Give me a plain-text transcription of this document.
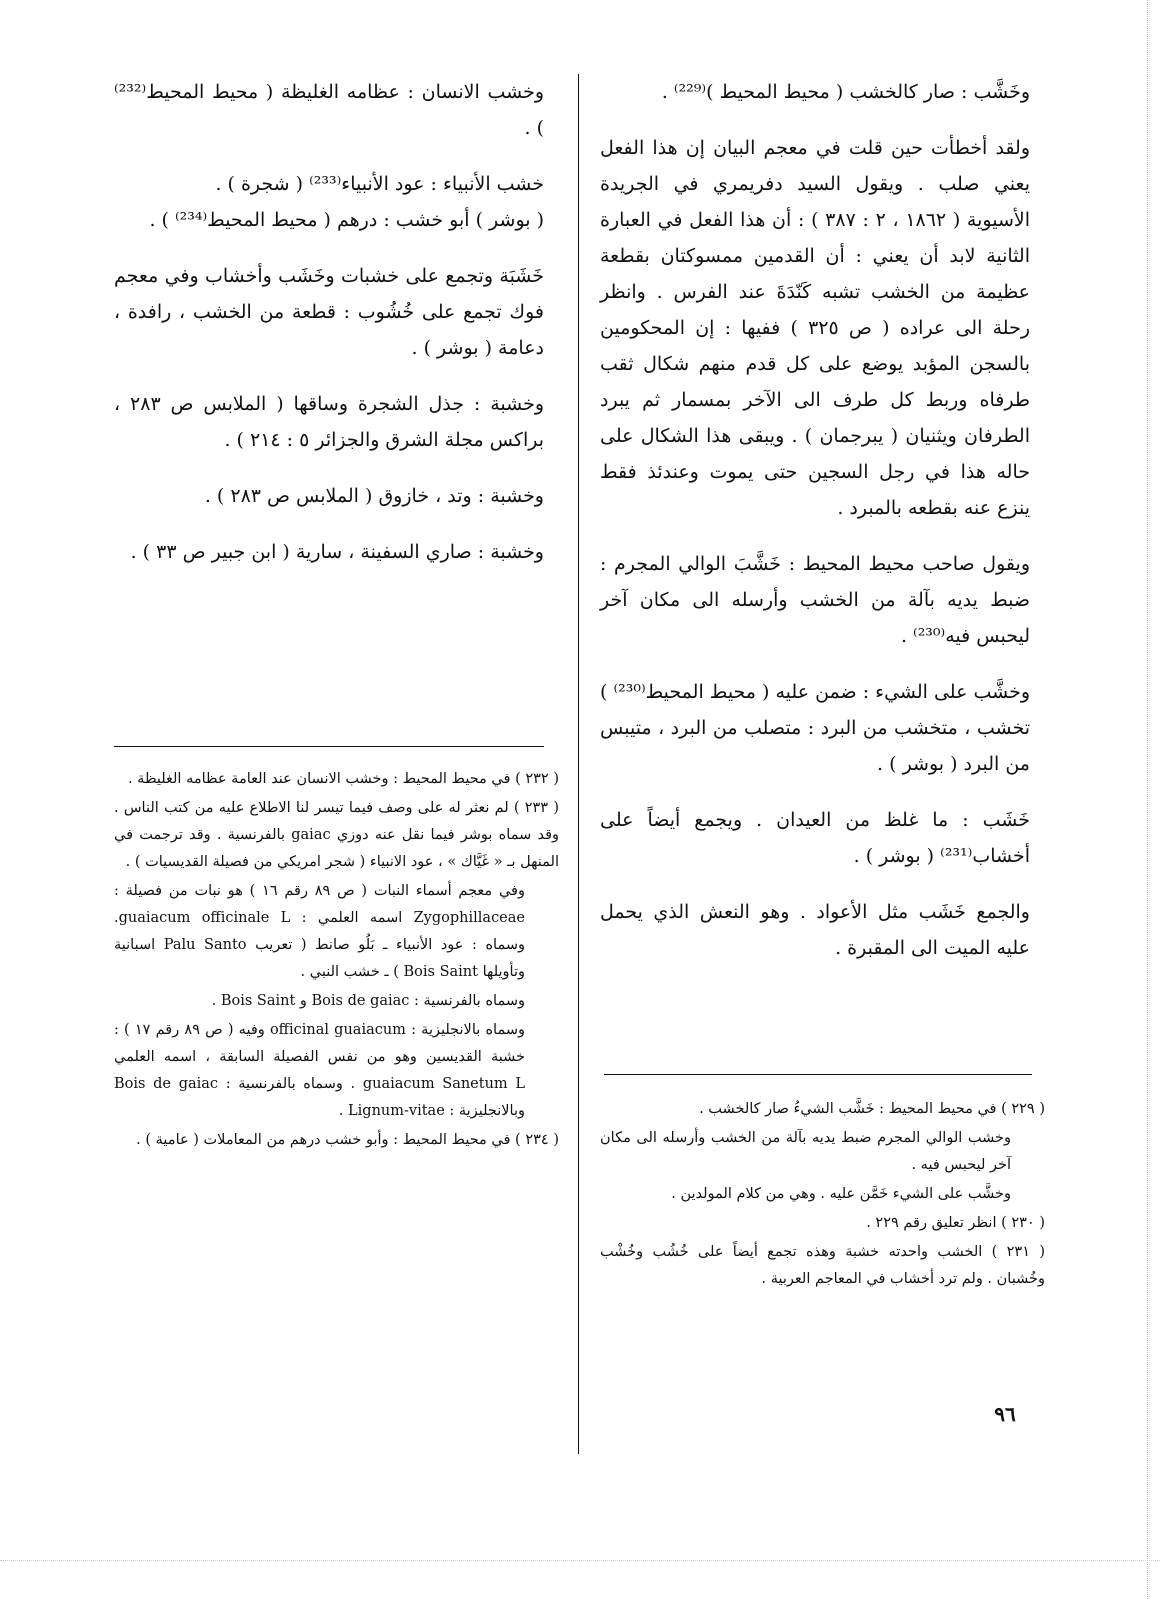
وخَشَّب : صار كالخشب ( محيط المحيط )⁽²²⁹⁾ .

ولقد أخطأت حين قلت في معجم البيان إن هذا الفعل يعني صلب . ويقول السيد دفريمري في الجريدة الأسيوية ( ١٨٦٢ ، ٢ : ٣٨٧ ) : أن هذا الفعل في العبارة الثانية لابد أن يعني : أن القدمين ممسوكتان بقطعة عظيمة من الخشب تشبه كَنّدَةَ عند الفرس . وانظر رحلة الى عراده ( ص ٣٢٥ ) ففيها : إن المحكومين بالسجن المؤبد يوضع على كل قدم منهم شكال ثقب طرفاه وربط كل طرف الى الآخر بمسمار ثم يبرد الطرفان ويثنيان ( يبرجمان ) . ويبقى هذا الشكال على حاله هذا في رجل السجين حتى يموت وعندئذ فقط ينزع عنه بقطعه بالمبرد .

ويقول صاحب محيط المحيط : خَشَّبَ الوالي المجرم : ضبط يديه بآلة من الخشب وأرسله الى مكان آخر ليحبس فيه⁽²³⁰⁾ .

وخشَّب على الشيء : ضمن عليه ( محيط المحيط⁽²³⁰⁾ ) تخشب ، متخشب من البرد : متصلب من البرد ، متيبس من البرد ( بوشر ) .

خَشَب : ما غلظ من العيدان . ويجمع أيضاً على أخشاب⁽²³¹⁾ ( بوشر ) .

والجمع خَشَب مثل الأعواد . وهو النعش الذي يحمل عليه الميت الى المقبرة .

وخشب الانسان : عظامه الغليظة ( محيط المحيط⁽²³²⁾ ) .

خشب الأنبياء : عود الأنبياء⁽²³³⁾ ( شجرة ) .

( بوشر ) أبو خشب : درهم ( محيط المحيط⁽²³⁴⁾ ) .

خَشَبَة وتجمع على خشبات وخَشَب وأخشاب وفي معجم فوك تجمع على خُشُوب : قطعة من الخشب ، رافدة ، دعامة ( بوشر ) .

وخشبة : جذل الشجرة وساقها ( الملابس ص ٢٨٣ ، براكس مجلة الشرق والجزائر ٥ : ٢١٤ ) .

وخشبة : وتد ، خازوق ( الملابس ص ٢٨٣ ) .

وخشبة : صاري السفينة ، سارية ( ابن جبير ص ٣٣ ) .

( ٢٢٩ ) في محيط المحيط : خَشَّب الشيءُ صار كالخشب .

وخشب الوالي المجرم ضبط يديه بآلة من الخشب وأرسله الى مكان آخر ليحبس فيه .

وخشَّب على الشيء خَمَّن عليه . وهي من كلام المولدين .

( ٢٣٠ ) انظر تعليق رقم ٢٢٩ .

( ٢٣١ ) الخشب واحدته خشبة وهذه تجمع أيضاً على خُشُب وخُشْب وخُشبان . ولم ترد أخشاب في المعاجم العربية .

( ٢٣٢ ) في محيط المحيط : وخشب الانسان عند العامة عظامه الغليظة .

( ٢٣٣ ) لم نعثر له على وصف فيما تيسر لنا الاطلاع عليه من كتب الناس . وقد سماه بوشر فيما نقل عنه دوزي gaiac بالفرنسية . وقد ترجمت في المنهل بـ « غَيَّاك » ، عود الانبياء ( شجر امريكي من فصيلة القديسيات ) .

وفي معجم أسماء النبات ( ص ٨٩ رقم ١٦ ) هو نبات من فصيلة : Zygophillaceae اسمه العلمي : guaiacum officinale L. وسماه : عود الأنبياء ـ بَلُو صانط ( تعريب Palu Santo اسبانية وتأويلها Bois Saint ) ـ خشب النبي .

وسماه بالفرنسية : Bois de gaiac و Bois Saint .

وسماه بالانجليزية : officinal guaiacum وفيه ( ص ٨٩ رقم ١٧ ) : خشبة القديسين وهو من نفس الفصيلة السابقة ، اسمه العلمي guaiacum Sanetum L . وسماه بالفرنسية : Bois de gaiac وبالانجليزية : Lignum-vitae .

( ٢٣٤ ) في محيط المحيط : وأبو خشب درهم من المعاملات ( عامية ) .

٩٦
